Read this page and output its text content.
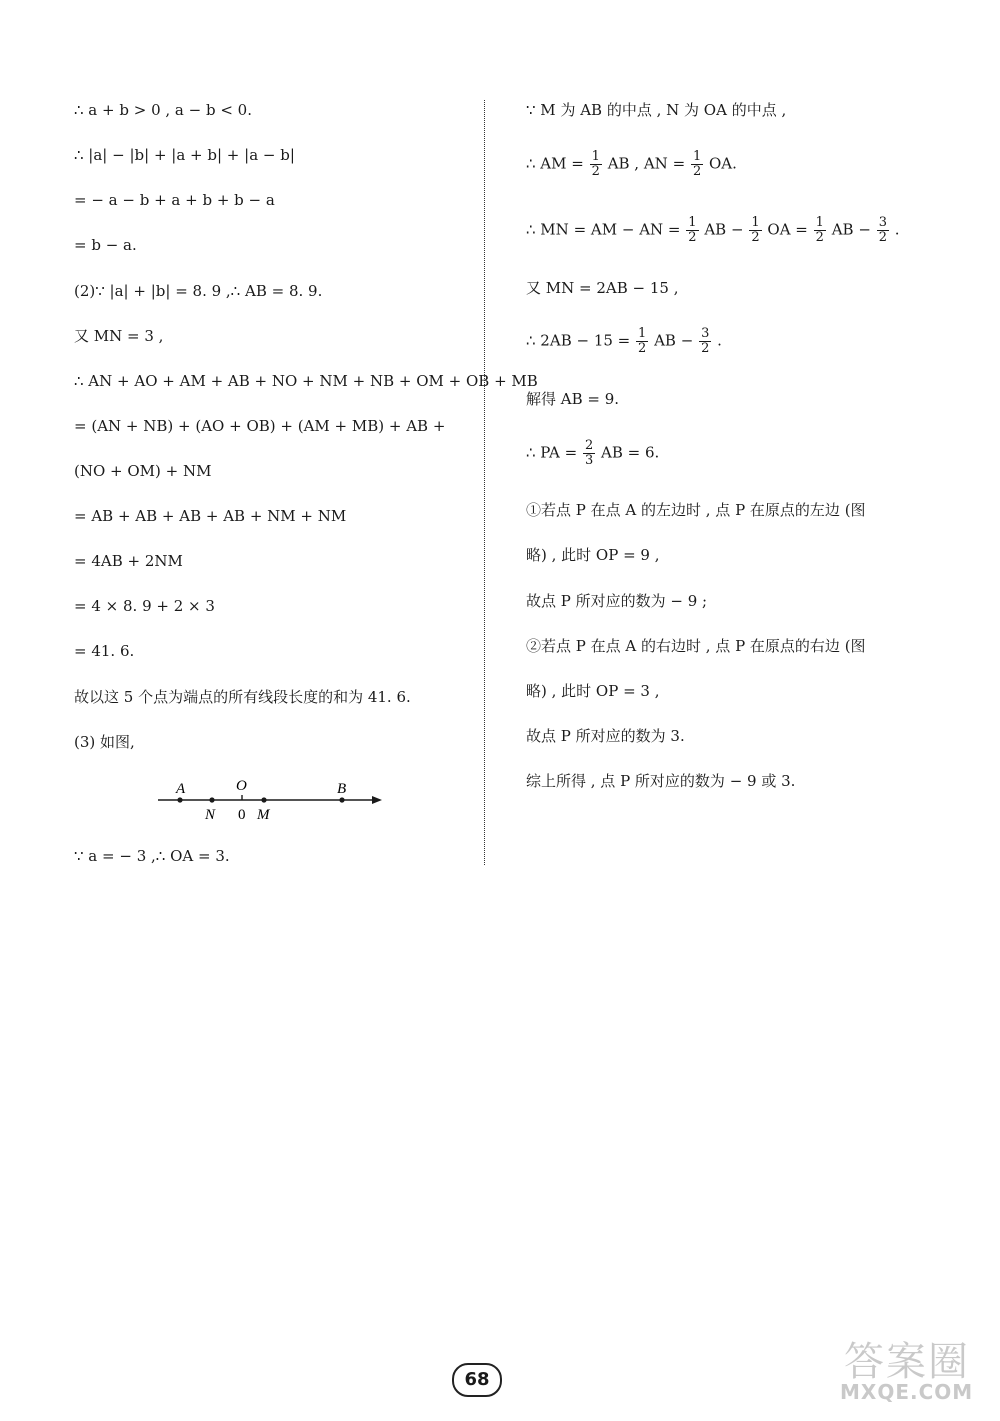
∴ a + b > 0 , a − b < 0.
∴ |a| − |b| + |a + b| + |a − b|
= − a − b + a + b + b − a
= b − a.
(2)∵ |a| + |b| = 8. 9 ,∴ AB = 8. 9.
又 MN = 3 ,
∴ AN + AO + AM + AB + NO + NM + NB + OM + OB + MB
= (AN + NB) + (AO + OB) + (AM + MB) + AB +
(NO + OM) + NM
= AB + AB + AB + AB + NM + NM
= 4AB + 2NM
= 4 × 8. 9 + 2 × 3
= 41. 6.
故以这 5 个点为端点的所有线段长度的和为 41. 6.
(3) 如图,
∵ a = − 3 ,∴ OA = 3.
A	O	B
N 0 M
∵ M 为 AB 的中点 , N 为 OA 的中点 ,
∴ AM = $\frac{1}{2}$ AB , AN = $\frac{1}{2}$ OA.
∴ MN = AM − AN = $\frac{1}{2}$ AB − $\frac{1}{2}$ OA = $\frac{1}{2}$ AB − $\frac{3}{2}$ .
又 MN = 2AB − 15 ,
∴ $2AB - 15 = \frac{1}{2}$ AB − $\frac{3}{2}$ .
解得 AB = 9.
∴ PA = $\frac{2}{3}$ AB = 6.
①若点 P 在点 A 的左边时 , 点 P 在原点的左边 (图
略) , 此时 OP = 9 ,
故点 P 所对应的数为 − 9 ;
②若点 P 在点 A 的右边时 , 点 P 在原点的右边 (图
略) , 此时 OP = 3 ,
故点 P 所对应的数为 3.
综上所得 , 点 P 所对应的数为 − 9 或 3.
68	答案圈
MXQE.COM
